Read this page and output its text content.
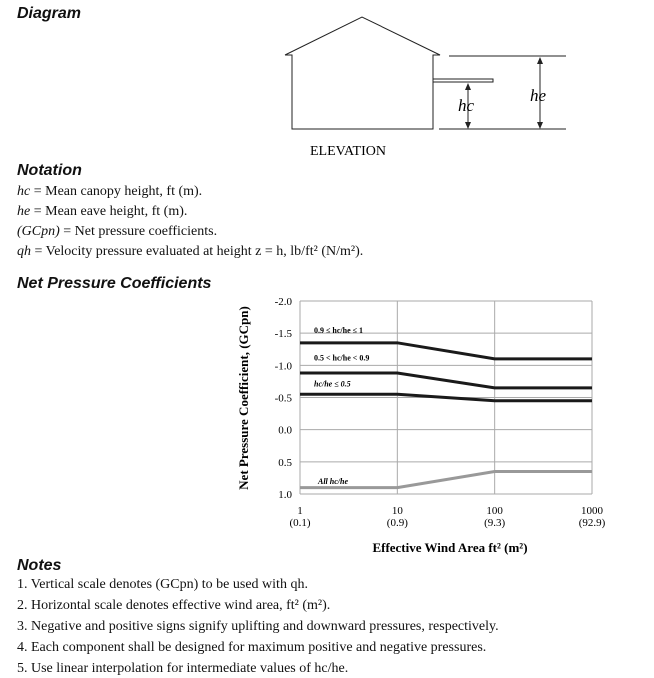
Diagram
hc
he
ELEVATION
Notation
hc = Mean canopy height, ft (m).
he = Mean eave height, ft (m).
(GCpn) = Net pressure coefficients.
qh = Velocity pressure evaluated at height z = h, lb/ft² (N/m²).
Net Pressure Coefficients
-2.0
-1.5
-1.0
-0.5
0.0
0.5
1.0
1
(0.1)
10
(0.9)
100
(9.3)
1000
(92.9)
0.9 ≤ hc/he ≤ 1
0.5 < hc/he < 0.9
hc/he ≤ 0.5
All hc/he
Effective Wind Area ft² (m²)
Net Pressure Coefficient, (GCpn)
Notes
1. Vertical scale denotes (GCpn) to be used with qh.
2. Horizontal scale denotes effective wind area, ft² (m²).
3. Negative and positive signs signify uplifting and downward pressures, respectively.
4. Each component shall be designed for maximum positive and negative pressures.
5. Use linear interpolation for intermediate values of hc/he.
